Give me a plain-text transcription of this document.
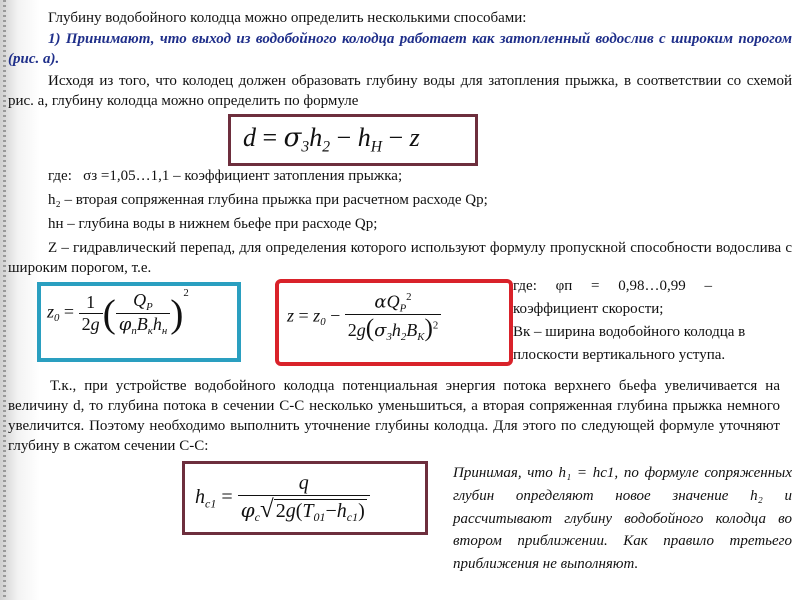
Глубину водобойного колодца можно определить несколькими способами:
1) Принимают, что выход из водобойного колодца работает как затопленный водослив с широким порогом (рис. а).
Исходя из того, что колодец должен образовать глубину воды для затопления прыжка, в соответствии со схемой рис. а, глубину колодца можно определить по формуле
$d = \sigma_3h_2 - h_H - z$
где: σз =1,05…1,1 – коэффициент затопления прыжка;
h₂ – вторая сопряженная глубина прыжка при расчетном расходе Qр;
hн – глубина воды в нижнем бьефе при расходе Qр;
Z – гидравлический перепад, для определения которого используют формулу пропускной способности водослива с широким порогом, т.е.
$z_0 = \frac{1}{2g}$ ( $\frac{Q_P}{\varphi_пB_кh_н} )^2$
$z = z_0 - \frac{\alpha Q_P^2}{2g(\sigma_3h_2B_K)^2}$
где:     φп     =     0,98…0,99     –
коэффициент скорости;
Вк – ширина водобойного колодца в
плоскости вертикального уступа.
Т.к., при устройстве водобойного колодца потенциальная энергия потока верхнего бьефа увеличивается на величину d, то глубина потока в сечении С-С несколько уменьшиться, а вторая сопряженная глубина прыжка немного увеличится. Поэтому необходимо выполнить уточнение глубины колодца. Для этого по следующей формуле уточняют глубину в сжатом сечении С-С:
$h_{c1} = \frac{q}{\varphi_c√ 2g(T_{01}-h_{c1})}$	Принимая, что h₁ = hс1, по формуле сопряженных глубин определяют новое значение h₂ и рассчитывают глубину водобойного колодца во втором приближении. Как правило третьего приближения не выполняют.
